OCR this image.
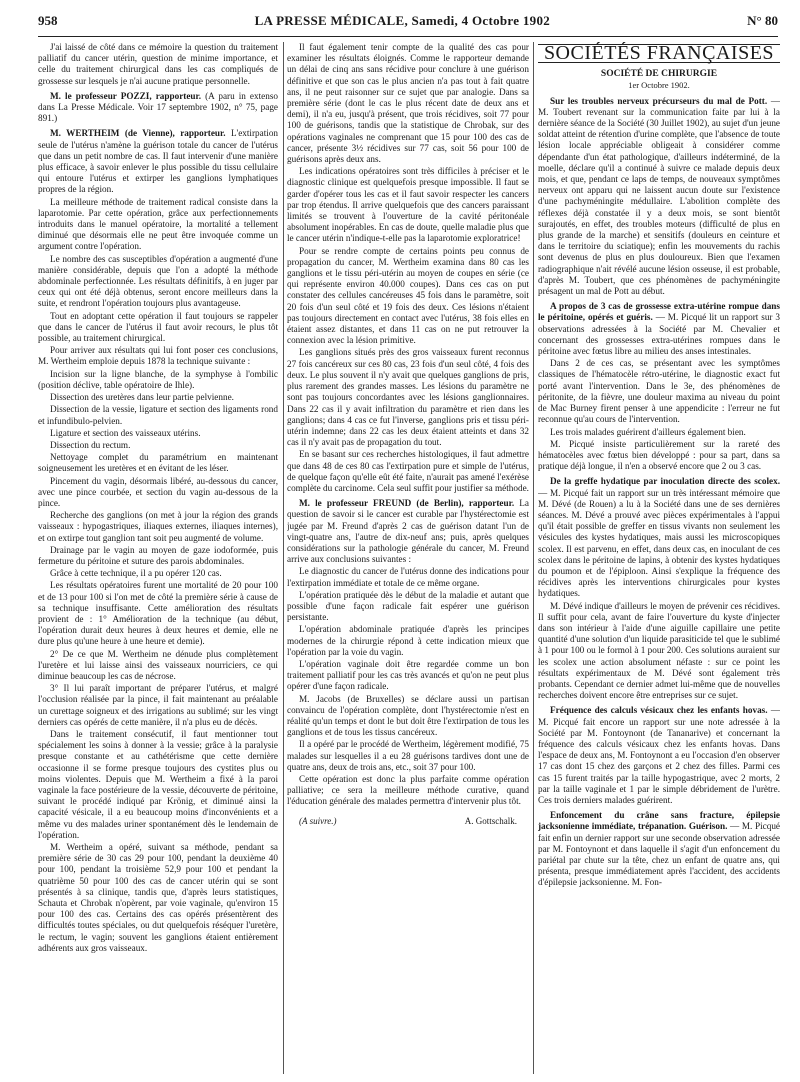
958	LA PRESSE MÉDICALE, Samedi, 4 Octobre 1902	N° 80

J'ai laissé de côté dans ce mémoire la question du traitement palliatif du cancer utérin, question de minime importance, et celle du traitement chirurgical dans les cas compliqués de grossesse sur lesquels je n'ai aucune pratique personnelle.

M. le professeur POZZI, rapporteur. (A paru in extenso dans La Presse Médicale. Voir 17 septembre 1902, n° 75, page 891.)

M. WERTHEIM (de Vienne), rapporteur. L'extirpation seule de l'utérus n'amène la guérison totale du cancer de l'utérus que dans un petit nombre de cas. Il faut intervenir d'une manière plus efficace, à savoir enlever le plus possible du tissu cellulaire qui entoure l'utérus et extirper les ganglions lymphatiques propres de la région.

La meilleure méthode de traitement radical consiste dans la laparotomie. Par cette opération, grâce aux perfectionnements introduits dans le manuel opératoire, la mortalité a tellement diminué que désormais elle ne peut être invoquée comme un argument contre l'opération.

Le nombre des cas susceptibles d'opération a augmenté d'une manière considérable, depuis que l'on a adopté la méthode abdominale perfectionnée. Les résultats définitifs, à en juger par ceux qui ont été déjà obtenus, seront encore meilleurs dans la suite, et rendront l'opération toujours plus avantageuse.

Tout en adoptant cette opération il faut toujours se rappeler que dans le cancer de l'utérus il faut avoir recours, le plus tôt possible, au traitement chirurgical.

Pour arriver aux résultats qui lui font poser ces conclusions, M. Wertheim emploie depuis 1878 la technique suivante :

Incision sur la ligne blanche, de la symphyse à l'ombilic (position déclive, table opératoire de Ihle).

Dissection des uretères dans leur partie pelvienne.

Dissection de la vessie, ligature et section des ligaments rond et infundibulo-pelvien.

Ligature et section des vaisseaux utérins.

Dissection du rectum.

Nettoyage complet du paramétrium en maintenant soigneusement les uretères et en évitant de les léser.

Pincement du vagin, désormais libéré, au-dessous du cancer, avec une pince courbée, et section du vagin au-dessous de la pince.

Recherche des ganglions (on met à jour la région des grands vaisseaux : hypogastriques, iliaques externes, iliaques internes), et on extirpe tout ganglion tant soit peu augmenté de volume.

Drainage par le vagin au moyen de gaze iodoformée, puis fermeture du péritoine et suture des parois abdominales.

Grâce à cette technique, il a pu opérer 120 cas.

Les résultats opératoires furent une mortalité de 20 pour 100 et de 13 pour 100 si l'on met de côté la première série à cause de sa technique insuffisante. Cette amélioration des résultats provient de : 1° Amélioration de la technique (au début, l'opération durait deux heures à deux heures et demie, elle ne dure plus qu'une heure à une heure et demie).

2° De ce que M. Wertheim ne dénude plus complètement l'uretère et lui laisse ainsi des vaisseaux nourriciers, ce qui diminue beaucoup les cas de nécrose.

3° Il lui paraît important de préparer l'utérus, et malgré l'occlusion réalisée par la pince, il fait maintenant au préalable un curettage soigneux et des irrigations au sublimé; sur les vingt derniers cas opérés de cette manière, il n'a plus eu de décès.

Dans le traitement consécutif, il faut mentionner tout spécialement les soins à donner à la vessie; grâce à la paralysie presque constante et au cathétérisme que cette dernière occasionne il se forme presque toujours des cystites plus ou moins violentes. Depuis que M. Wertheim a fixé à la paroi vaginale la face postérieure de la vessie, découverte de péritoine, suivant le procédé indiqué par Krönig, et diminué ainsi la capacité vésicale, il a eu beaucoup moins d'inconvénients et a même vu des malades uriner spontanément dès le lendemain de l'opération.

M. Wertheim a opéré, suivant sa méthode, pendant sa première série de 30 cas 29 pour 100, pendant la deuxième 40 pour 100, pendant la troisième 52,9 pour 100 et pendant la quatrième 50 pour 100 des cas de cancer utérin qui se sont présentés à sa clinique, tandis que, d'après leurs statistiques, Schauta et Chrobak n'opèrent, par voie vaginale, qu'environ 15 pour 100 des cas. Certains des cas opérés présentèrent des difficultés toutes spéciales, ou dut quelquefois réséquer l'uretère, le rectum, le vagin; souvent les ganglions étaient entièrement adhérents aux gros vaisseaux.

Il faut également tenir compte de la qualité des cas pour examiner les résultats éloignés. Comme le rapporteur demande un délai de cinq ans sans récidive pour conclure à une guérison définitive et que son cas le plus ancien n'a pas tout à fait quatre ans, il ne peut raisonner sur ce sujet que par analogie. Dans sa première série (dont le cas le plus récent date de deux ans et demi), il n'a eu, jusqu'à présent, que trois récidives, soit 77 pour 100 de guérisons, tandis que la statistique de Chrobak, sur des opérations vaginales ne comprenant que 15 pour 100 des cas de cancer, présente 3½ récidives sur 77 cas, soit 56 pour 100 de guérisons après deux ans.

Les indications opératoires sont très difficiles à préciser et le diagnostic clinique est quelquefois presque impossible. Il faut se garder d'opérer tous les cas et il faut savoir respecter les cancers par trop étendus. Il arrive quelquefois que des cancers paraissant limités se trouvent à l'ouverture de la cavité péritonéale absolument inopérables. En cas de doute, quelle maladie plus que le cancer utérin n'indique-t-elle pas la laparotomie exploratrice!

Pour se rendre compte de certains points peu connus de propagation du cancer, M. Wertheim examina dans 80 cas les ganglions et le tissu péri-utérin au moyen de coupes en série (ce qui représente environ 40.000 coupes). Dans ces cas on put constater des cellules cancéreuses 45 fois dans le paramètre, soit 20 fois d'un seul côté et 19 fois des deux. Ces lésions n'étaient pas toujours directement en contact avec l'utérus, 38 fois elles en étaient assez distantes, et dans 11 cas on ne put retrouver la connexion avec la lésion primitive.

Les ganglions situés près des gros vaisseaux furent reconnus 27 fois cancéreux sur ces 80 cas, 23 fois d'un seul côté, 4 fois des deux. Le plus souvent il n'y avait que quelques ganglions de pris, plus rarement des grandes masses. Les lésions du paramètre ne sont pas toujours concordantes avec les lésions ganglionnaires. Dans 22 cas il y avait infiltration du paramètre et rien dans les ganglions; dans 4 cas ce fut l'inverse, ganglions pris et tissu péri-utérin indemne; dans 22 cas les deux étaient atteints et dans 32 cas il n'y avait pas de propagation du tout.

En se basant sur ces recherches histologiques, il faut admettre que dans 48 de ces 80 cas l'extirpation pure et simple de l'utérus, de quelque façon qu'elle eût été faite, n'aurait pas amené l'exérèse complète du carcinome. Cela seul suffit pour justifier sa méthode.

M. le professeur FREUND (de Berlin), rapporteur. La question de savoir si le cancer est curable par l'hystérectomie est jugée par M. Freund d'après 2 cas de guérison datant l'un de vingt-quatre ans, l'autre de dix-neuf ans; puis, après quelques considérations sur la pathologie générale du cancer, M. Freund arrive aux conclusions suivantes :

Le diagnostic du cancer de l'utérus donne des indications pour l'extirpation immédiate et totale de ce même organe.

L'opération pratiquée dès le début de la maladie et autant que possible d'une façon radicale fait espérer une guérison persistante.

L'opération abdominale pratiquée d'après les principes modernes de la chirurgie répond à cette indication mieux que l'opération par la voie du vagin.

L'opération vaginale doit être regardée comme un bon traitement palliatif pour les cas très avancés et qu'on ne peut plus opérer d'une façon radicale.

M. Jacobs (de Bruxelles) se déclare aussi un partisan convaincu de l'opération complète, dont l'hystérectomie n'est en réalité qu'un temps et dont le but doit être l'extirpation de tous les ganglions et de tous les tissus cancéreux.

Il a opéré par le procédé de Wertheim, légèrement modifié, 75 malades sur lesquelles il a eu 28 guérisons tardives dont une de quatre ans, deux de trois ans, etc., soit 37 pour 100.

Cette opération est donc la plus parfaite comme opération palliative; ce sera la meilleure méthode curative, quand l'éducation générale des malades permettra d'intervenir plus tôt.

(A suivre.)	A. Gottschalk.

SOCIÉTÉS FRANÇAISES

SOCIÉTÉ DE CHIRURGIE

1er Octobre 1902.

Sur les troubles nerveux précurseurs du mal de Pott. — M. Toubert revenant sur la communication faite par lui à la dernière séance de la Société (30 Juillet 1902), au sujet d'un jeune soldat atteint de rétention d'urine complète, que l'absence de toute lésion locale appréciable obligeait à considérer comme dépendante d'un état pathologique, d'ailleurs indéterminé, de la moelle, déclare qu'il a continué à suivre ce malade depuis deux mois, et que, pendant ce laps de temps, de nouveaux symptômes nerveux ont apparu qui ne laissent aucun doute sur l'existence d'une pachyméningite médullaire. L'abolition complète des réflexes déjà constatée il y a deux mois, se sont bientôt surajoutés, en effet, des troubles moteurs (difficulté de plus en plus grande de la marche) et sensitifs (douleurs en ceinture et dans le territoire du sciatique); enfin les mouvements du rachis sont devenus de plus en plus douloureux. Bien que l'examen radiographique n'ait révélé aucune lésion osseuse, il est probable, d'après M. Toubert, que ces phénomènes de pachyméningite présagent un mal de Pott au début.

A propos de 3 cas de grossesse extra-utérine rompue dans le péritoine, opérés et guéris. — M. Picqué lit un rapport sur 3 observations adressées à la Société par M. Chevalier et concernant des grossesses extra-utérines rompues dans le péritoine avec fœtus libre au milieu des anses intestinales.

Dans 2 de ces cas, se présentant avec les symptômes classiques de l'hématocèle rétro-utérine, le diagnostic exact fut porté avant l'intervention. Dans le 3e, des phénomènes de péritonite, de la fièvre, une douleur maxima au niveau du point de Mac Burney firent penser à une appendicite : l'erreur ne fut reconnue qu'au cours de l'intervention.

Les trois malades guérirent d'ailleurs également bien.

M. Picqué insiste particulièrement sur la rareté des hématocèles avec fœtus bien développé : pour sa part, dans sa pratique déjà longue, il n'en a observé encore que 2 ou 3 cas.

De la greffe hydatique par inoculation directe des scolex. — M. Picqué fait un rapport sur un très intéressant mémoire que M. Dévé (de Rouen) a lu à la Société dans une de ses dernières séances. M. Dévé a prouvé avec pièces expérimentales à l'appui qu'il était possible de greffer en tissus vivants non seulement les vésicules des kystes hydatiques, mais aussi les microscopiques scolex. Il est parvenu, en effet, dans deux cas, en inoculant de ces scolex dans le péritoine de lapins, à obtenir des kystes hydatiques du poumon et de l'épiploon. Ainsi s'explique la fréquence des récidives après les interventions chirurgicales pour kystes hydatiques.

M. Dévé indique d'ailleurs le moyen de prévenir ces récidives. Il suffit pour cela, avant de faire l'ouverture du kyste d'injecter dans son intérieur à l'aide d'une aiguille capillaire une petite quantité d'une solution d'un liquide parasiticide tel que le sublimé à 1 pour 100 ou le formol à 1 pour 200. Ces solutions auraient sur les scolex une action absolument néfaste : sur ce point les résultats expérimentaux de M. Dévé sont également très probants. Cependant ce dernier admet lui-même que de nouvelles recherches doivent encore être entreprises sur ce sujet.

Fréquence des calculs vésicaux chez les enfants hovas. — M. Picqué fait encore un rapport sur une note adressée à la Société par M. Fontoynont (de Tananarive) et concernant la fréquence des calculs vésicaux chez les enfants hovas. Dans l'espace de deux ans, M. Fontoynont a eu l'occasion d'en observer 17 cas dont 15 chez des garçons et 2 chez des filles. Parmi ces cas 15 furent traités par la taille hypogastrique, avec 2 morts, 2 par la taille vaginale et 1 par le simple débridement de l'urètre. Ces trois derniers malades guérirent.

Enfoncement du crâne sans fracture, épilepsie jacksonienne immédiate, trépanation. Guérison. — M. Picqué fait enfin un dernier rapport sur une seconde observation adressée par M. Fontoynont et dans laquelle il s'agit d'un enfoncement du pariétal par chute sur la tête, chez un enfant de quatre ans, qui présenta, presque immédiatement après l'accident, des accidents d'épilepsie jacksonienne. M. Fon-
